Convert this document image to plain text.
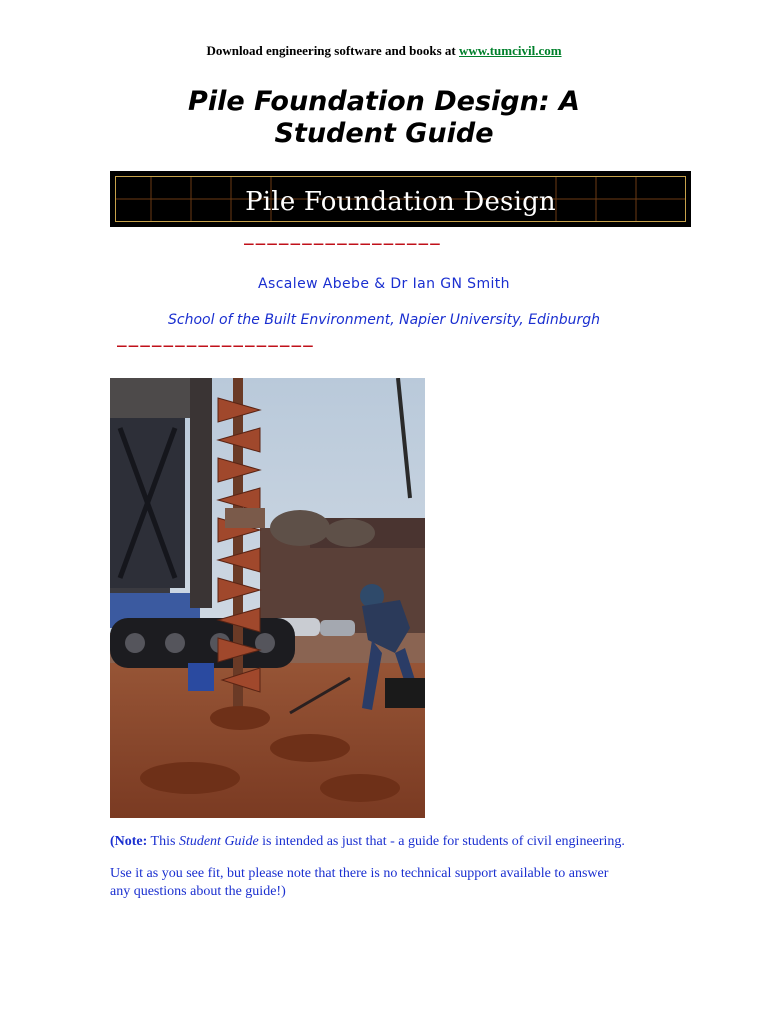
Download engineering software and books at www.tumcivil.com
Pile Foundation Design: A
Student Guide
Pile Foundation Design
_________________
Ascalew Abebe & Dr Ian GN Smith
School of the Built Environment, Napier University, Edinburgh
_________________

(Note: This Student Guide is intended as just that - a guide for students of civil engineering.

Use it as you see fit, but please note that there is no technical support available to answer any questions about the guide!)
